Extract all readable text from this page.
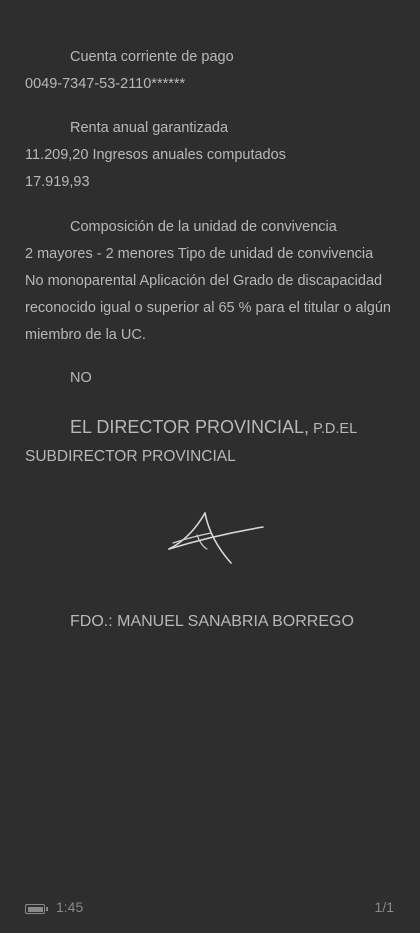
Cuenta corriente de pago

0049-7347-53-2110******

Renta anual garantizada

11.209,20 Ingresos anuales computados

17.919,93

Composición de la unidad de convivencia

2 mayores - 2 menores Tipo de unidad de convivencia No monoparental Aplicación del Grado de discapacidad reconocido igual o superior al 65 % para el titular o algún miembro de la UC.

NO

EL DIRECTOR PROVINCIAL, P.D.EL

SUBDIRECTOR PROVINCIAL

FDO.: MANUEL SANABRIA BORREGO

1:45	1/1
